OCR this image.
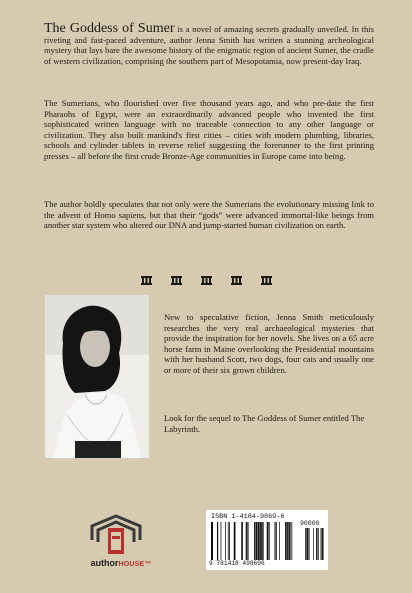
The Goddess of Sumer is a novel of amazing secrets gradually unveiled. In this riveting and fast-paced adventure, author Jenna Smith has written a stunning archeological mystery that lays bare the awesome history of the enigmatic region of ancient Sumer, the cradle of western civilization, comprising the southern part of Mesopotamia, now present-day Iraq.

The Sumerians, who flourished over five thousand years ago, and who pre-date the first Pharaohs of Egypt, were an extraordinarily advanced people who invented the first sophisticated written language with no traceable connection to any other language or civilization. They also built mankind's first cities – cities with modern plumbing, libraries, schools and cylinder tablets in reverse relief suggesting the forerunner to the first printing presses – all before the first crude Bronze-Age communities in Europe came into being.

The author boldly speculates that not only were the Sumerians the evolutionary missing link to the advent of Homo sapiens, but that their “gods” were advanced immortal-like beings from another star system who altered our DNA and jump-started human civilization on earth.

New to speculative fiction, Jenna Smith meticulously researches the very real archaeological mysteries that provide the inspiration for her novels. She lives on a 65 acre horse farm in Maine overlooking the Presidential mountains with her husband Scott, two dogs, four cats and usually one or more of their six grown children.

Look for the sequel to The Goddess of Sumer entitled The Labyrinth.

authorHOUSE™
ISBN 1-4184-9869-6
90000
9 781418 498696
